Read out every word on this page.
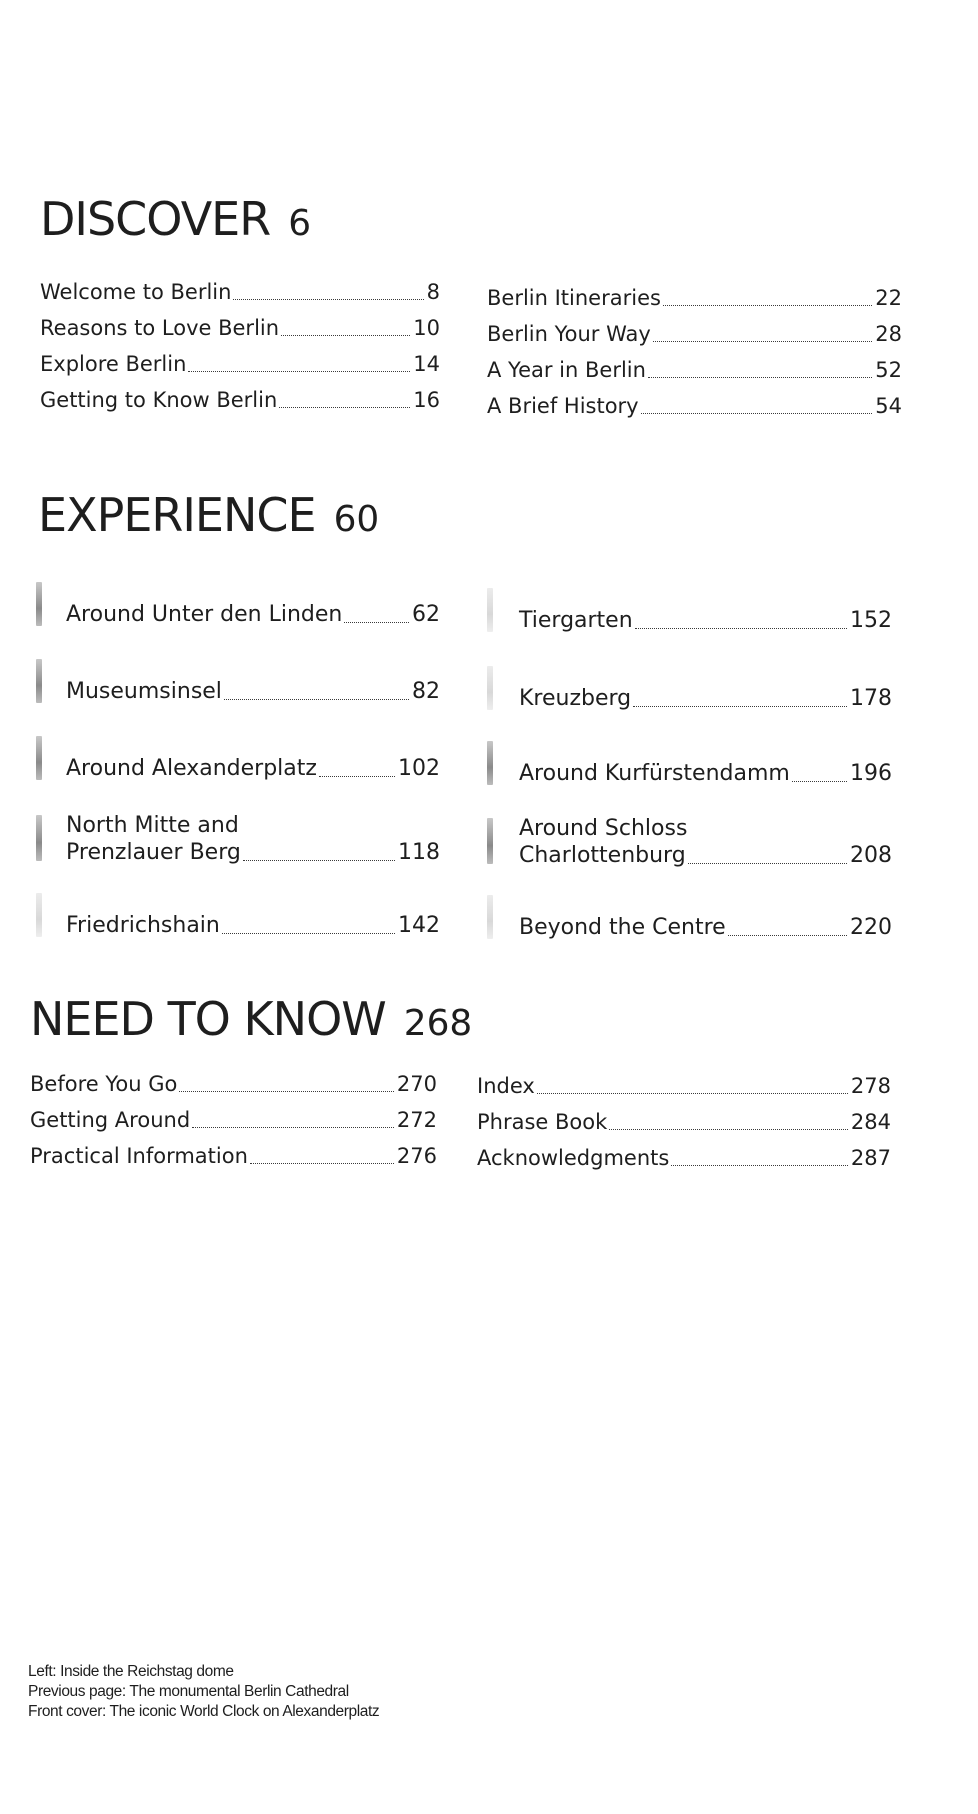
DISCOVER 6
Welcome to Berlin	8
Reasons to Love Berlin	10
Explore Berlin	14
Getting to Know Berlin	16
Berlin Itineraries	22
Berlin Your Way	28
A Year in Berlin	52
A Brief History	54
EXPERIENCE 60
Around Unter den Linden	62
Museumsinsel	82
Around Alexanderplatz	102
North Mitte and
Prenzlauer Berg	118
Friedrichshain	142
Tiergarten	152
Kreuzberg	178
Around Kurfürstendamm	196
Around Schloss
Charlottenburg	208
Beyond the Centre	220
NEED TO KNOW 268
Before You Go	270
Getting Around	272
Practical Information	276
Index	278
Phrase Book	284
Acknowledgments	287
Left: Inside the Reichstag dome
Previous page: The monumental Berlin Cathedral
Front cover: The iconic World Clock on Alexanderplatz
